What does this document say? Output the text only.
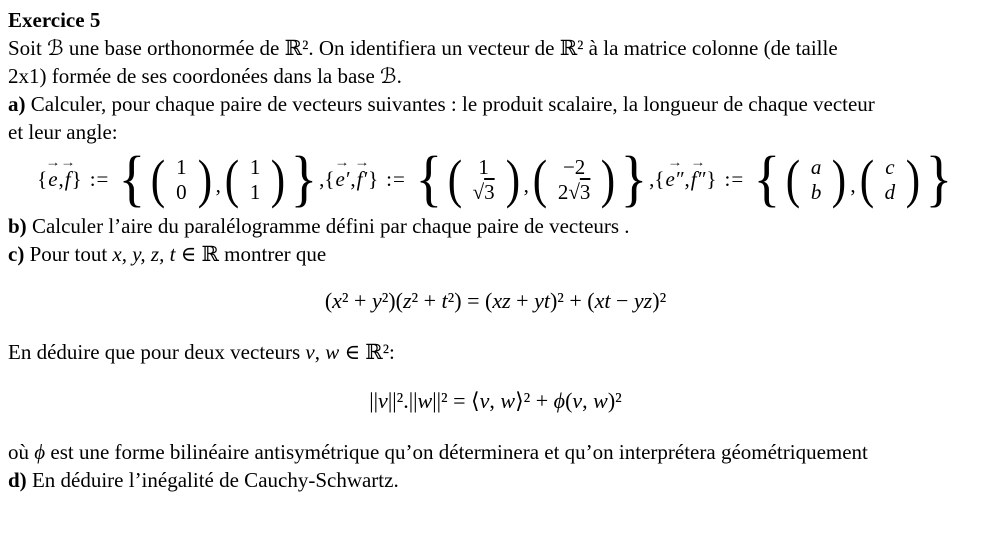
Exercice 5
Soit ℬ une base orthonormée de ℝ². On identifiera un vecteur de ℝ² à la matrice colonne (de taille
2x1) formée de ses coordonées dans la base ℬ.
a) Calculer, pour chaque paire de vecteurs suivantes : le produit scalaire, la longueur de chaque vecteur
et leur angle:
{
→
e ,
→
f } := { ( 1
0 ) , ( 1
1 ) } , {
→
e′ ,
→
f′ } := { ( 1
√3 ) , ( −2
2√3 ) } , {
→
e″ ,
→
f″ } := { ( a
b ) , ( c
d ) }
b) Calculer l’aire du paralélogramme défini par chaque paire de vecteurs .
c) Pour tout x, y, z, t ∈ ℝ montrer que
(x² + y²)(z² + t²) = (xz + yt)² + (xt − yz)²
En déduire que pour deux vecteurs v, w ∈ ℝ²:
||v||².||w||² = ⟨v, w⟩² + ϕ(v, w)²
où ϕ est une forme bilinéaire antisymétrique qu’on déterminera et qu’on interprétera géométriquement
d) En déduire l’inégalité de Cauchy-Schwartz.
